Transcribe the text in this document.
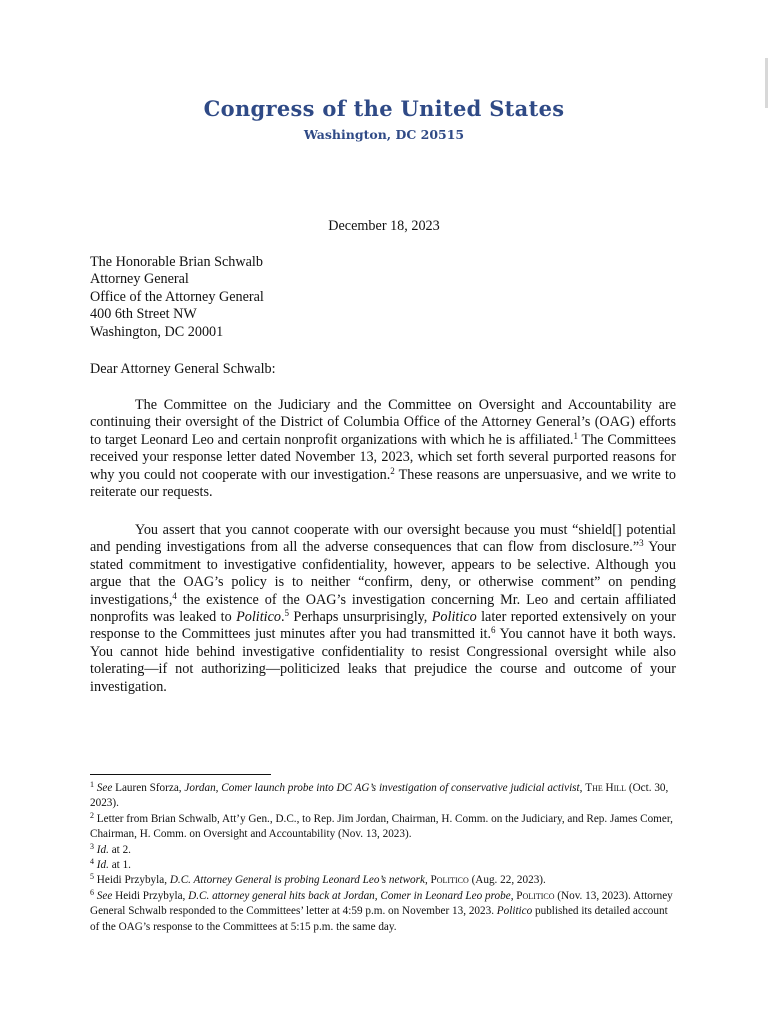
Congress of the United States
Washington, DC 20515
December 18, 2023
The Honorable Brian Schwalb
Attorney General
Office of the Attorney General
400 6th Street NW
Washington, DC 20001
Dear Attorney General Schwalb:
The Committee on the Judiciary and the Committee on Oversight and Accountability are continuing their oversight of the District of Columbia Office of the Attorney General’s (OAG) efforts to target Leonard Leo and certain nonprofit organizations with which he is affiliated.$^1$ The Committees received your response letter dated November 13, 2023, which set forth several purported reasons for why you could not cooperate with our investigation.$^2$ These reasons are unpersuasive, and we write to reiterate our requests.
You assert that you cannot cooperate with our oversight because you must “shield[] potential and pending investigations from all the adverse consequences that can flow from disclosure.”$^3$ Your stated commitment to investigative confidentiality, however, appears to be selective. Although you argue that the OAG’s policy is to neither “confirm, deny, or otherwise comment” on pending investigations,$^4$ the existence of the OAG’s investigation concerning Mr. Leo and certain affiliated nonprofits was leaked to Politico.$^5$ Perhaps unsurprisingly, Politico later reported extensively on your response to the Committees just minutes after you had transmitted it.$^6$ You cannot have it both ways. You cannot hide behind investigative confidentiality to resist Congressional oversight while also tolerating—if not authorizing—politicized leaks that prejudice the course and outcome of your investigation.

$^1$ See Lauren Sforza, Jordan, Comer launch probe into DC AG’s investigation of conservative judicial activist, The Hill (Oct. 30, 2023).

$^2$ Letter from Brian Schwalb, Att’y Gen., D.C., to Rep. Jim Jordan, Chairman, H. Comm. on the Judiciary, and Rep. James Comer, Chairman, H. Comm. on Oversight and Accountability (Nov. 13, 2023).

$^3$ Id. at 2.

$^4$ Id. at 1.

$^5$ Heidi Przybyla, D.C. Attorney General is probing Leonard Leo’s network, Politico (Aug. 22, 2023).

$^6$ See Heidi Przybyla, D.C. attorney general hits back at Jordan, Comer in Leonard Leo probe, Politico (Nov. 13, 2023). Attorney General Schwalb responded to the Committees’ letter at 4:59 p.m. on November 13, 2023. Politico published its detailed account of the OAG’s response to the Committees at 5:15 p.m. the same day.
